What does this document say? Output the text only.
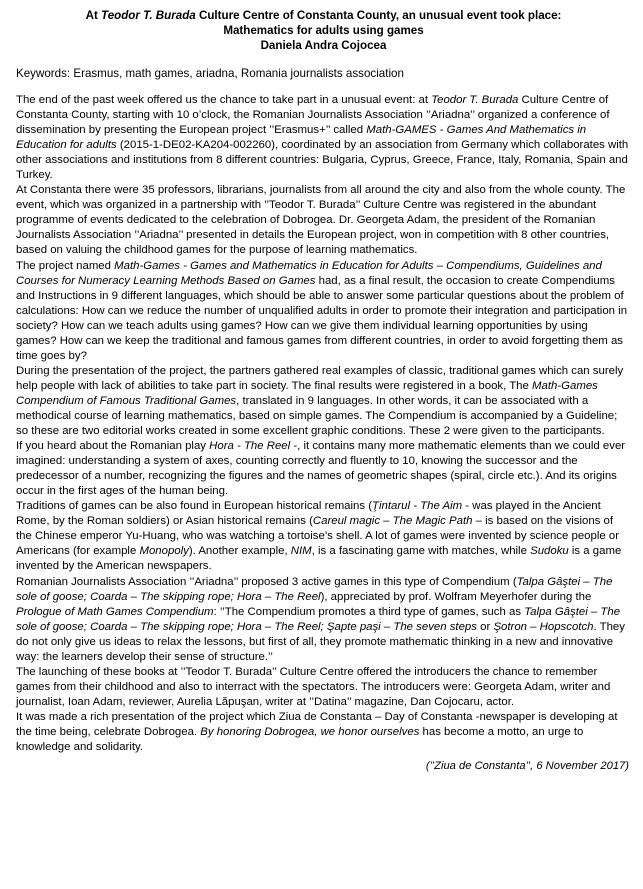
At Teodor T. Burada Culture Centre of Constanta County, an unusual event took place:
Mathematics for adults using games
Daniela Andra Cojocea
Keywords: Erasmus, math games, ariadna, Romania journalists association

The end of the past week offered us the chance to take part in a unusual event: at Teodor T. Burada Culture Centre of Constanta County, starting with 10 o’clock, the Romanian Journalists Association ’’Ariadna’’ organized a conference of dissemination by presenting the European project ’’Erasmus+’’ called Math-GAMES - Games And Mathematics in Education for adults (2015-1-DE02-KA204-002260), coordinated by an association from Germany which collaborates with other associations and institutions from 8 different countries: Bulgaria, Cyprus, Greece, France, Italy, Romania, Spain and Turkey.

At Constanta there were 35 professors, librarians, journalists from all around the city and also from the whole county. The event, which was organized in a partnership with ’’Teodor T. Burada’’ Culture Centre was registered in the abundant programme of events dedicated to the celebration of Dobrogea. Dr. Georgeta Adam, the president of the Romanian Journalists Association ’’Ariadna’’ presented in details the European project, won in competition with 8 other countries, based on valuing the childhood games for the purpose of learning mathematics.

The project named Math-Games - Games and Mathematics in Education for Adults – Compendiums, Guidelines and Courses for Numeracy Learning Methods Based on Games had, as a final result, the occasion to create Compendiums and Instructions in 9 different languages, which should be able to answer some particular questions about the problem of calculations: How can we reduce the number of unqualified adults in order to promote their integration and participation in society? How can we teach adults using games? How can we give them individual learning opportunities by using games? How can we keep the traditional and famous games from different countries, in order to avoid forgetting them as time goes by?

During the presentation of the project, the partners gathered real examples of classic, traditional games which can surely help people with lack of abilities to take part in society. The final results were registered in a book, The Math-Games Compendium of Famous Traditional Games, translated in 9 languages. In other words, it can be associated with a methodical course of learning mathematics, based on simple games. The Compendium is accompanied by a Guideline; so these are two editorial works created in some excellent graphic conditions. These 2 were given to the participants.

If you heard about the Romanian play Hora - The Reel -, it contains many more mathematic elements than we could ever imagined: understanding a system of axes, counting correctly and fluently to 10, knowing the successor and the predecessor of a number, recognizing the figures and the names of geometric shapes (spiral, circle etc.). And its origins occur in the first ages of the human being.

Traditions of games can be also found in European historical remains (Ţintarul - The Aim - was played in the Ancient Rome, by the Roman soldiers) or Asian historical remains (Careul magic – The Magic Path – is based on the visions of the Chinese emperor Yu-Huang, who was watching a tortoise’s shell. A lot of games were invented by science people or Americans (for example Monopoly). Another example, NIM, is a fascinating game with matches, while Sudoku is a game invented by the American newspapers.

Romanian Journalists Association ’’Ariadna’’ proposed 3 active games in this type of Compendium (Talpa Gâştei – The sole of goose; Coarda – The skipping rope; Hora – The Reel), appreciated by prof. Wolfram Meyerhofer during the Prologue of Math Games Compendium: ’’The Compendium promotes a third type of games, such as Talpa Gâştei – The sole of goose; Coarda – The skipping rope; Hora – The Reel; Şapte paşi – The seven steps or Şotron – Hopscotch. They do not only give us ideas to relax the lessons, but first of all, they promote mathematic thinking in a new and innovative way: the learners develop their sense of structure.’’

The launching of these books at ’’Teodor T. Burada’’ Culture Centre offered the introducers the chance to remember games from their childhood and also to interract with the spectators. The introducers were: Georgeta Adam, writer and journalist, Ioan Adam, reviewer, Aurelia Lăpuşan, writer at ’’Datina’’ magazine, Dan Cojocaru, actor.

It was made a rich presentation of the project which Ziua de Constanta – Day of Constanta -newspaper is developing at the time being, celebrate Dobrogea. By honoring Dobrogea, we honor ourselves has become a motto, an urge to knowledge and solidarity.

(’’Ziua de Constanta’’, 6 November 2017)
